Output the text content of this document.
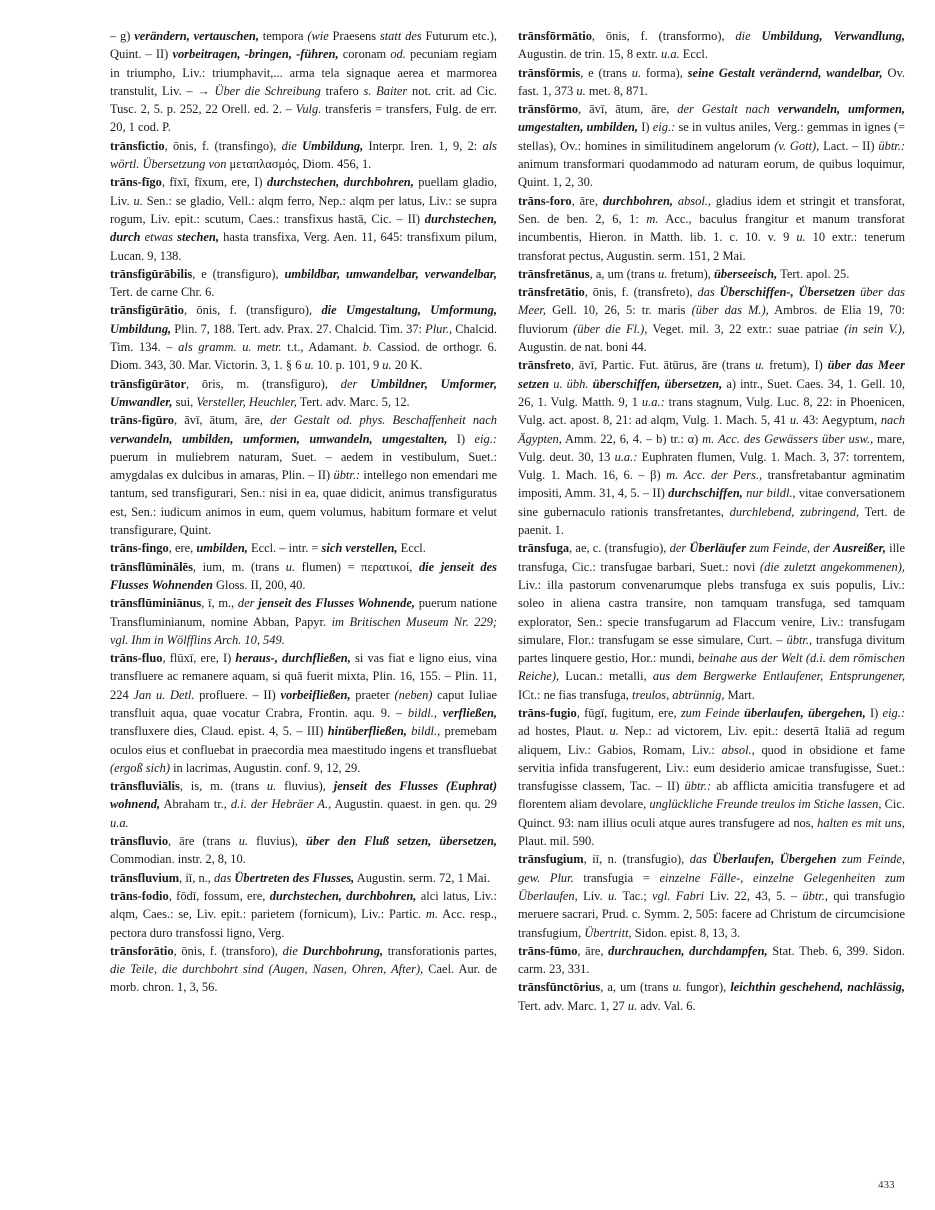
– g) verändern, vertauschen, tempora (wie Praesens statt des Futurum etc.), Quint. – II) vorbeitragen, -bringen, -führen, coronam od. pecuniam regiam in triumpho, Liv.: triumphavit,... arma tela signaque aerea et marmorea transtulit, Liv. – → Über die Schreibung trafero s. Baiter not. crit. ad Cic. Tusc. 2, 5. p. 252, 22 Orell. ed. 2. – Vulg. transferis = transfers, Fulg. de err. 20, 1 cod. P.

trānsfictio, ōnis, f. (transfingo), die Umbildung, Interpr. Iren. 1, 9, 2: als wörtl. Übersetzung von μεταπλασμός, Diom. 456, 1.

trāns-fīgo, fīxī, fīxum, ere, I) durchstechen, durchbohren, puellam gladio, Liv. u. Sen.: se gladio, Vell.: alqm ferro, Nep.: alqm per latus, Liv.: se supra rogum, Liv. epit.: scutum, Caes.: transfixus hastā, Cic. – II) durchstechen, durch etwas stechen, hasta transfixa, Verg. Aen. 11, 645: transfixum pilum, Lucan. 9, 138.

trānsfigūrābilis, e (transfiguro), umbildbar, umwandelbar, verwandelbar, Tert. de carne Chr. 6.

trānsfigūrātio, ōnis, f. (transfiguro), die Umgestaltung, Umformung, Umbildung, Plin. 7, 188. Tert. adv. Prax. 27. Chalcid. Tim. 37: Plur., Chalcid. Tim. 134. – als gramm. u. metr. t.t., Adamant. b. Cassiod. de orthogr. 6. Diom. 343, 30. Mar. Victorin. 3, 1. § 6 u. 10. p. 101, 9 u. 20 K.

trānsfigūrātor, ōris, m. (transfiguro), der Umbildner, Umformer, Umwandler, sui, Versteller, Heuchler, Tert. adv. Marc. 5, 12.

trāns-figūro, āvī, ātum, āre, der Gestalt od. phys. Beschaffenheit nach verwandeln, umbilden, umformen, umwandeln, umgestalten, I) eig.: puerum in muliebrem naturam, Suet. – aedem in vestibulum, Suet.: amygdalas ex dulcibus in amaras, Plin. – II) übtr.: intellego non emendari me tantum, sed transfigurari, Sen.: nisi in ea, quae didicit, animus transfiguratus est, Sen.: iudicum animos in eum, quem volumus, habitum formare et velut transfigurare, Quint.

trāns-fingo, ere, umbilden, Eccl. – intr. = sich verstellen, Eccl.

trānsflūminālēs, ium, m. (trans u. flumen) = περατικοί, die jenseit des Flusses Wohnenden Gloss. II, 200, 40.

trānsflūminiānus, ī, m., der jenseit des Flusses Wohnende, puerum natione Transfluminianum, nomine Abban, Papyr. im Britischen Museum Nr. 229; vgl. Ihm in Wölfflins Arch. 10, 549.

trāns-fluo, flūxī, ere, I) heraus-, durchfließen, si vas fiat e ligno eius, vina transfluere ac remanere aquam, si quā fuerit mixta, Plin. 16, 155. – Plin. 11, 224 Jan u. Detl. profluere. – II) vorbeifließen, praeter (neben) caput Iuliae transfluit aqua, quae vocatur Crabra, Frontin. aqu. 9. – bildl., verfließen, transfluxere dies, Claud. epist. 4, 5. – III) hinüberfließen, bildl., premebam oculos eius et confluebat in praecordia mea maestitudo ingens et transfluebat (ergoß sich) in lacrimas, Augustin. conf. 9, 12, 29.

trānsfluviālis, is, m. (trans u. fluvius), jenseit des Flusses (Euphrat) wohnend, Abraham tr., d.i. der Hebräer A., Augustin. quaest. in gen. qu. 29 u.a.

trānsfluvio, āre (trans u. fluvius), über den Fluß setzen, übersetzen, Commodian. instr. 2, 8, 10.

trānsfluvium, iī, n., das Übertreten des Flusses, Augustin. serm. 72, 1 Mai.

trāns-fodio, fōdī, fossum, ere, durchstechen, durchbohren, alci latus, Liv.: alqm, Caes.: se, Liv. epit.: parietem (fornicum), Liv.: Partic. m. Acc. resp., pectora duro transfossi ligno, Verg.

trānsforātio, ōnis, f. (transforo), die Durchbohrung, transforationis partes, die Teile, die durchbohrt sind (Augen, Nasen, Ohren, After), Cael. Aur. de morb. chron. 1, 3, 56.

trānsfōrmātio, ōnis, f. (transformo), die Umbildung, Verwandlung, Augustin. de trin. 15, 8 extr. u.a. Eccl.

trānsfōrmis, e (trans u. forma), seine Gestalt verändernd, wandelbar, Ov. fast. 1, 373 u. met. 8, 871.

trānsfōrmo, āvī, ātum, āre, der Gestalt nach verwandeln, umformen, umgestalten, umbilden, I) eig.: se in vultus aniles, Verg.: gemmas in ignes (= stellas), Ov.: homines in similitudinem angelorum (v. Gott), Lact. – II) übtr.: animum transformari quodammodo ad naturam eorum, de quibus loquimur, Quint. 1, 2, 30.

trāns-foro, āre, durchbohren, absol., gladius idem et stringit et transforat, Sen. de ben. 2, 6, 1: m. Acc., baculus frangitur et manum transforat incumbentis, Hieron. in Matth. lib. 1. c. 10. v. 9 u. 10 extr.: tenerum transforat pectus, Augustin. serm. 151, 2 Mai.

trānsfretānus, a, um (trans u. fretum), überseeisch, Tert. apol. 25.

trānsfretātio, ōnis, f. (transfreto), das Überschiffen-, Übersetzen über das Meer, Gell. 10, 26, 5: tr. maris (über das M.), Ambros. de Elia 19, 70: fluviorum (über die Fl.), Veget. mil. 3, 22 extr.: suae patriae (in sein V.), Augustin. de nat. boni 44.

trānsfreto, āvī, Partic. Fut. ātūrus, āre (trans u. fretum), I) über das Meer setzen u. übh. überschiffen, übersetzen, a) intr., Suet. Caes. 34, 1. Gell. 10, 26, 1. Vulg. Matth. 9, 1 u.a.: trans stagnum, Vulg. Luc. 8, 22: in Phoenicen, Vulg. act. apost. 8, 21: ad alqm, Vulg. 1. Mach. 5, 41 u. 43: Aegyptum, nach Ägypten, Amm. 22, 6, 4. – b) tr.: α) m. Acc. des Gewässers über usw., mare, Vulg. deut. 30, 13 u.a.: Euphraten flumen, Vulg. 1. Mach. 3, 37: torrentem, Vulg. 1. Mach. 16, 6. – β) m. Acc. der Pers., transfretabantur agminatim impositi, Amm. 31, 4, 5. – II) durchschiffen, nur bildl., vitae conversationem sine gubernaculo rationis transfretantes, durchlebend, zubringend, Tert. de paenit. 1.

trānsfuga, ae, c. (transfugio), der Überläufer zum Feinde, der Ausreißer, ille transfuga, Cic.: transfugae barbari, Suet.: novi (die zuletzt angekommenen), Liv.: illa pastorum convenarumque plebs transfuga ex suis populis, Liv.: soleo in aliena castra transire, non tamquam transfuga, sed tamquam explorator, Sen.: specie transfugarum ad Flaccum venire, Liv.: transfugam simulare, Flor.: transfugam se esse simulare, Curt. – übtr., transfuga divitum partes linquere gestio, Hor.: mundi, beinahe aus der Welt (d.i. dem römischen Reiche), Lucan.: metalli, aus dem Bergwerke Entlaufener, Entsprungener, ICt.: ne fias transfuga, treulos, abtrünnig, Mart.

trāns-fugio, fūgī, fugitum, ere, zum Feinde überlaufen, übergehen, I) eig.: ad hostes, Plaut. u. Nep.: ad victorem, Liv. epit.: desertā Italiā ad regum aliquem, Liv.: Gabios, Romam, Liv.: absol., quod in obsidione et fame servitia infida transfugerent, Liv.: eum desiderio amicae transfugisse, Suet.: transfugisse classem, Tac. – II) übtr.: ab afflicta amicitia transfugere et ad florentem aliam devolare, unglückliche Freunde treulos im Stiche lassen, Cic. Quinct. 93: nam illius oculi atque aures transfugere ad nos, halten es mit uns, Plaut. mil. 590.

trānsfugium, iī, n. (transfugio), das Überlaufen, Übergehen zum Feinde, gew. Plur. transfugia = einzelne Fälle-, einzelne Gelegenheiten zum Überlaufen, Liv. u. Tac.; vgl. Fabri Liv. 22, 43, 5. – übtr., qui transfugio meruere sacrari, Prud. c. Symm. 2, 505: facere ad Christum de circumcisione transfugium, Übertritt, Sidon. epist. 8, 13, 3.

trāns-fūmo, āre, durchrauchen, durchdampfen, Stat. Theb. 6, 399. Sidon. carm. 23, 331.

trānsfūnctōrius, a, um (trans u. fungor), leichthin geschehend, nachlässig, Tert. adv. Marc. 1, 27 u. adv. Val. 6.

433
